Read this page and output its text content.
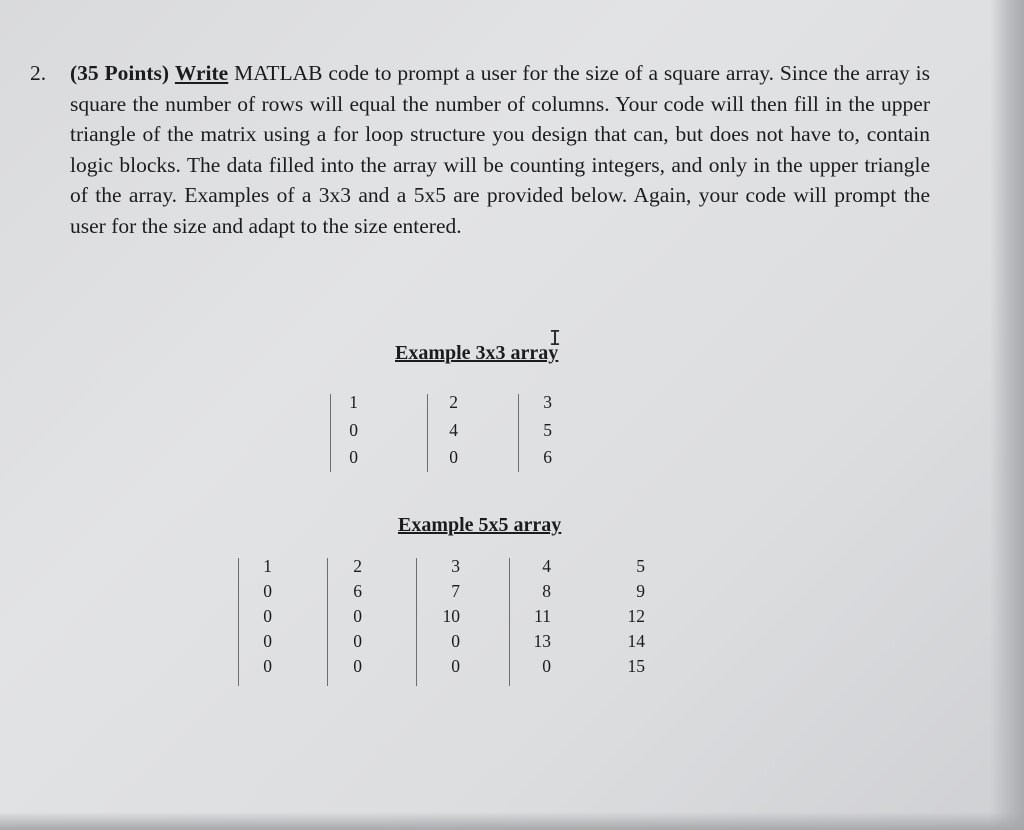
2. (35 Points) Write MATLAB code to prompt a user for the size of a square array. Since the array is square the number of rows will equal the number of columns. Your code will then fill in the upper triangle of the matrix using a for loop structure you design that can, but does not have to, contain logic blocks. The data filled into the array will be counting integers, and only in the upper triangle of the array. Examples of a 3x3 and a 5x5 are provided below. Again, your code will prompt the user for the size and adapt to the size entered.
I
Example 3x3 array
1
0
0
2
4
0
3
5
6
Example 5x5 array
1
0
0
0
0
2
6
0
0
0
3
7
10
0
0
4
8
11
13
0
5
9
12
14
15
